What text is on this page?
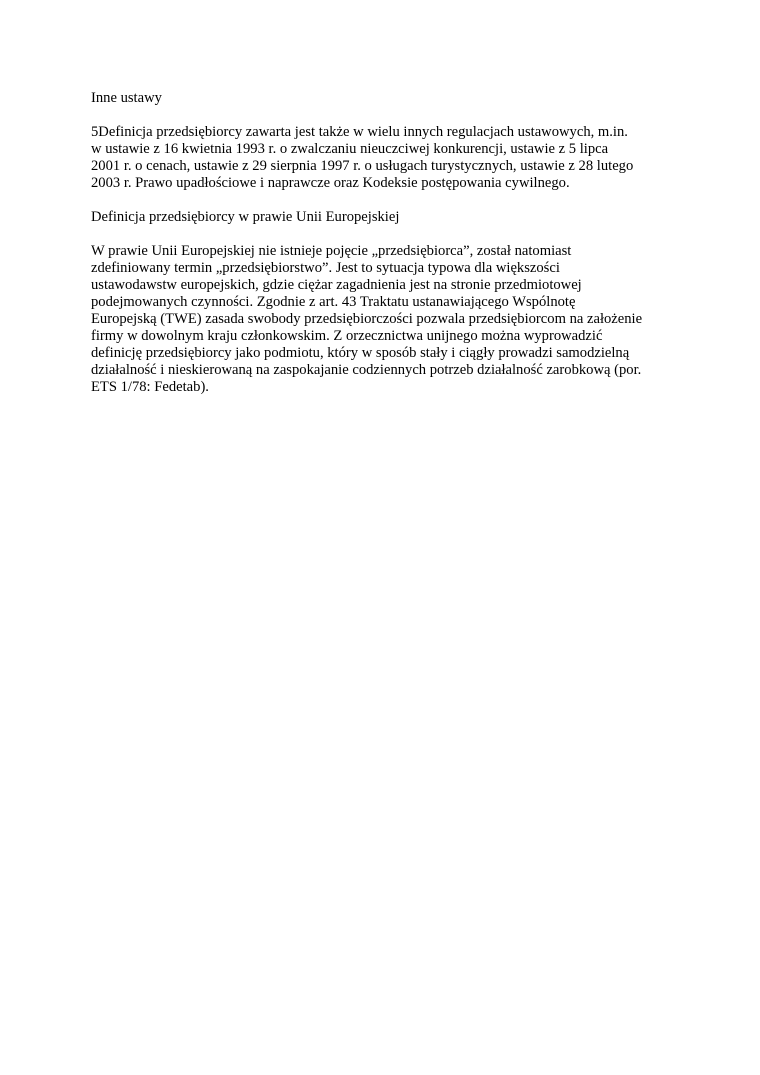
Inne ustawy
5Definicja przedsiębiorcy zawarta jest także w wielu innych regulacjach ustawowych, m.in.
w ustawie z 16 kwietnia 1993 r. o zwalczaniu nieuczciwej konkurencji, ustawie z 5 lipca
2001 r. o cenach, ustawie z 29 sierpnia 1997 r. o usługach turystycznych, ustawie z 28 lutego
2003 r. Prawo upadłościowe i naprawcze oraz Kodeksie postępowania cywilnego.
Definicja przedsiębiorcy w prawie Unii Europejskiej
W prawie Unii Europejskiej nie istnieje pojęcie „przedsiębiorca”, został natomiast
zdefiniowany termin „przedsiębiorstwo”. Jest to sytuacja typowa dla większości
ustawodawstw europejskich, gdzie ciężar zagadnienia jest na stronie przedmiotowej
podejmowanych czynności. Zgodnie z art. 43 Traktatu ustanawiającego Wspólnotę
Europejską (TWE) zasada swobody przedsiębiorczości pozwala przedsiębiorcom na założenie
firmy w dowolnym kraju członkowskim. Z orzecznictwa unijnego można wyprowadzić
definicję przedsiębiorcy jako podmiotu, który w sposób stały i ciągły prowadzi samodzielną
działalność i nieskierowaną na zaspokajanie codziennych potrzeb działalność zarobkową (por.
ETS 1/78: Fedetab).
